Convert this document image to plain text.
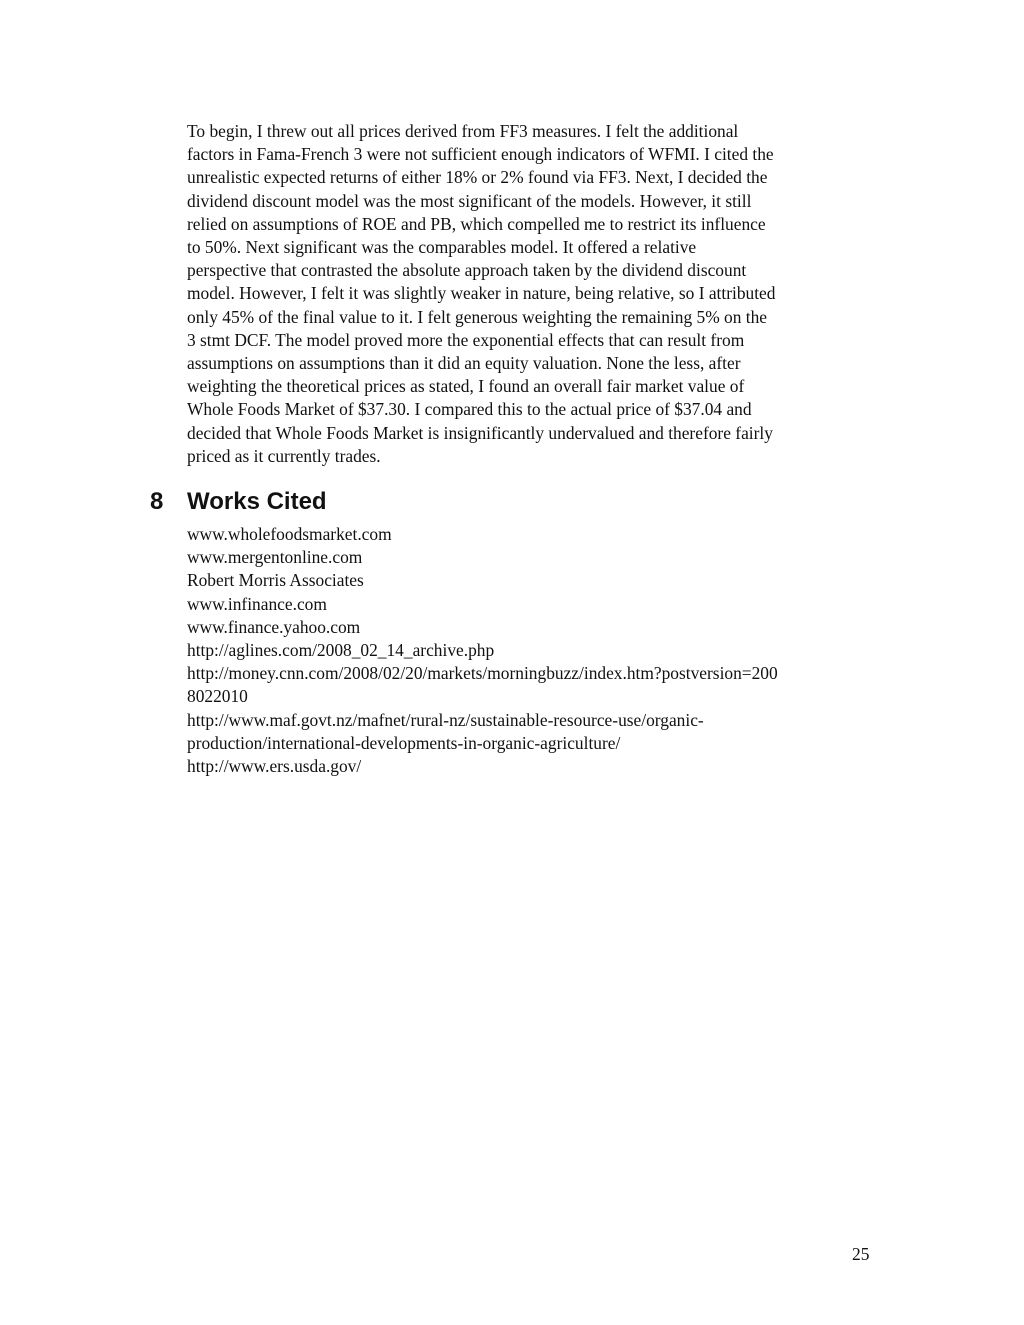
To begin, I threw out all prices derived from FF3 measures. I felt the additional
factors in Fama-French 3 were not sufficient enough indicators of WFMI. I cited the
unrealistic expected returns of either 18% or 2% found via FF3. Next, I decided the
dividend discount model was the most significant of the models. However, it still
relied on assumptions of ROE and PB, which compelled me to restrict its influence
to 50%. Next significant was the comparables model. It offered a relative
perspective that contrasted the absolute approach taken by the dividend discount
model. However, I felt it was slightly weaker in nature, being relative, so I attributed
only 45% of the final value to it. I felt generous weighting the remaining 5% on the
3 stmt DCF. The model proved more the exponential effects that can result from
assumptions on assumptions than it did an equity valuation. None the less, after
weighting the theoretical prices as stated, I found an overall fair market value of
Whole Foods Market of $37.30. I compared this to the actual price of $37.04 and
decided that Whole Foods Market is insignificantly undervalued and therefore fairly
priced as it currently trades.
8 Works Cited
www.wholefoodsmarket.com
www.mergentonline.com
Robert Morris Associates
www.infinance.com
www.finance.yahoo.com
http://aglines.com/2008_02_14_archive.php
http://money.cnn.com/2008/02/20/markets/morningbuzz/index.htm?postversion=200
8022010
http://www.maf.govt.nz/mafnet/rural-nz/sustainable-resource-use/organic-
production/international-developments-in-organic-agriculture/
http://www.ers.usda.gov/
25
